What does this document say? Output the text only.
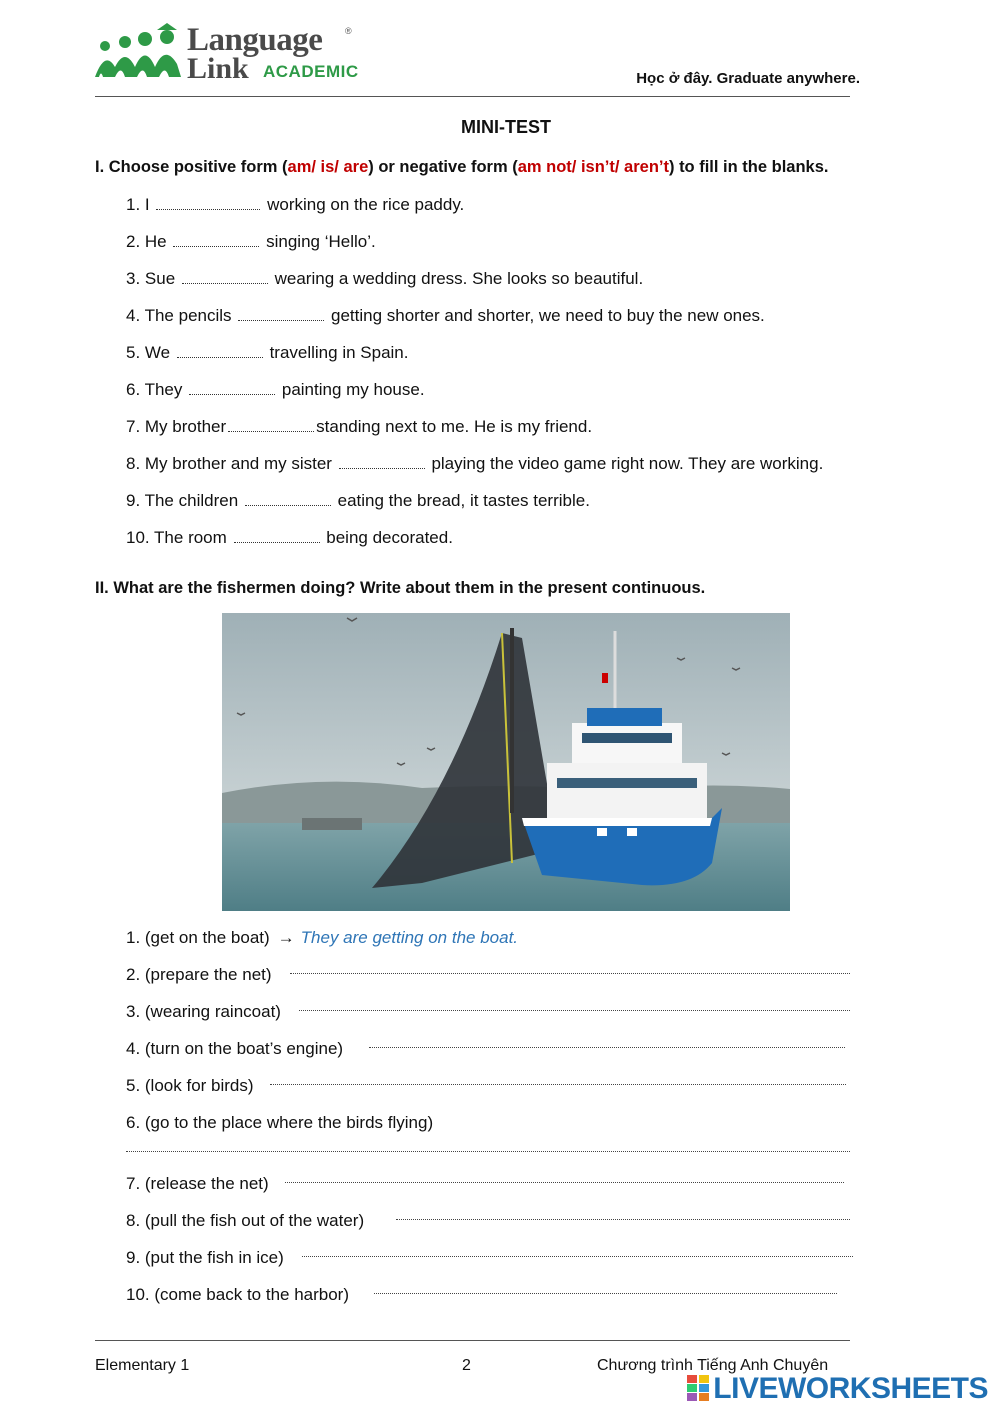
Language	®
Link ACADEMIC	Học ở đây. Graduate anywhere.
MINI-TEST
I. Choose positive form (am/ is/ are) or negative form (am not/ isn’t/ aren’t) to fill in the blanks.
1. I	working on the rice paddy.
2. He	singing ‘Hello’.
3. Sue	wearing a wedding dress. She looks so beautiful.
4. The pencils	getting shorter and shorter, we need to buy the new ones.
5. We	travelling in Spain.
6. They	painting my house.
7. My brother	standing next to me. He is my friend.
8. My brother and my sister	playing the video game right now. They are working.
9. The children	eating the bread, it tastes terrible.
10. The room	being decorated.
II. What are the fishermen doing? Write about them in the present continuous.
1. (get on the boat) → They are getting on the boat.
2. (prepare the net)
3. (wearing raincoat)
4. (turn on the boat’s engine)
5. (look for birds)
6. (go to the place where the birds flying)
7. (release the net)
8. (pull the fish out of the water)
9. (put the fish in ice)
10. (come back to the harbor)
Elementary 1	2	Chương trình Tiếng Anh Chuyên
LIVEWORKSHEETS
